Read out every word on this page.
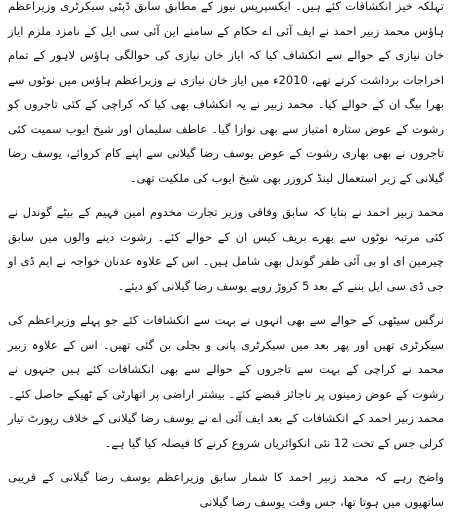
تہلکہ خیز انکشافات کئے ہیں۔ ایکسپریس نیوز کے مطابق سابق ڈپٹی سیکرٹری وزیراعظم ہاؤس محمد زبیر احمد نے ایف آئی اے حکام کے سامنے این آئی سی ایل کے نامزد ملزم ایاز خان نیازی کے حوالے سے انکشاف کیا کہ ایاز خان نیازی کی حوالگی ہاؤس لاہور کے تمام اخراجات برداشت کرتے تھے، 2010ء میں ایاز خان نیازی نے وزیراعظم ہاؤس میں نوٹوں سے بھرا بیگ ان کے حوالے کیا۔ محمد زبیر نے یہ انکشاف بھی کیا کہ کراچی کے کئی تاجروں کو رشوت کے عوض ستارہ امتیاز سے بھی نوازا گیا۔ عاطف سلیمان اور شیخ ایوب سمیت کئی تاجروں نے بھی بھاری رشوت کے عوض یوسف رضا گیلانی سے اپنے کام کروائے، یوسف رضا گیلانی کے زیر استعمال لینڈ کروزر بھی شیخ ایوب کی ملکیت تھی۔

محمد زبیر احمد نے بتایا کہ سابق وفاقی وزیر تجارت مخدوم امین فہیم کے بیٹے گوندل نے کئی مرتبہ نوٹوں سے بھرے بریف کیس ان کے حوالے کئے۔ رشوت دینے والوں میں سابق چیرمین ای او بی آئی ظفر گوندل بھی شامل ہیں۔ اس کے علاوہ عدنان خواجہ نے ایم ڈی او جی ڈی سی ایل بننے کے بعد 5 کروڑ روپے یوسف رضا گیلانی کو دیئے۔

نرگس سیٹھی کے حوالے سے بھی انہوں نے بہت سے انکشافات کئے جو پہلے وزیراعظم کی سیکرٹری تھیں اور پھر بعد میں سیکرٹری پانی و بجلی بن گئی تھیں۔ اس کے علاوہ زبیر محمد نے کراچی کے بہت سے تاجروں کے حوالے سے بھی انکشافات کئے ہیں جنہوں نے رشوت کے عوض زمینوں پر ناجائز قبضے کئے۔ بیشتر اراضی پر اتھارٹی کے ٹھیکے حاصل کئے۔ محمد زبیر احمد کے انکشافات کے بعد ایف آئی اے نے یوسف رضا گیلانی کے خلاف رپورٹ تیار کرلی جس کے تحت 12 نئی انکوائریاں شروع کرنے کا فیصلہ کیا گیا ہے۔

واضح رہے کہ محمد زبیر احمد کا شمار سابق وزیراعظم یوسف رضا گیلانی کے قریبی ساتھیوں میں ہوتا تھا، جس وقت یوسف رضا گیلانی
